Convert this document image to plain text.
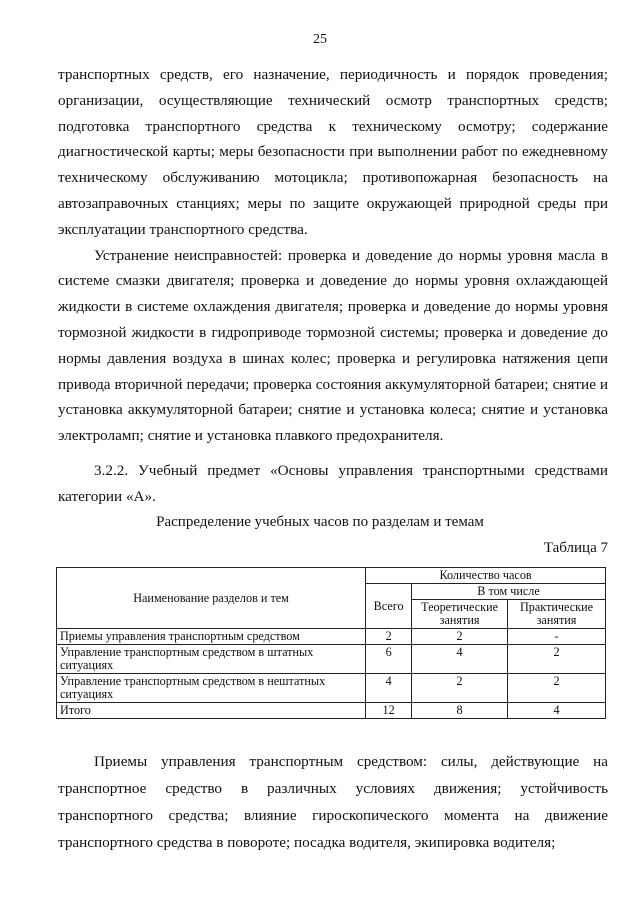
25

транспортных средств, его назначение, периодичность и порядок проведения; организации, осуществляющие технический осмотр транспортных средств; подготовка транспортного средства к техническому осмотру; содержание диагностической карты; меры безопасности при выполнении работ по ежедневному техническому обслуживанию мотоцикла; противопожарная безопасность на автозаправочных станциях; меры по защите окружающей природной среды при эксплуатации транспортного средства.

Устранение неисправностей: проверка и доведение до нормы уровня масла в системе смазки двигателя; проверка и доведение до нормы уровня охлаждающей жидкости в системе охлаждения двигателя; проверка и доведение до нормы уровня тормозной жидкости в гидроприводе тормозной системы; проверка и доведение до нормы давления воздуха в шинах колес; проверка и регулировка натяжения цепи привода вторичной передачи; проверка состояния аккумуляторной батареи; снятие и установка аккумуляторной батареи; снятие и установка колеса; снятие и установка электроламп; снятие и установка плавкого предохранителя.

3.2.2. Учебный предмет «Основы управления транспортными средствами категории «А».

Распределение учебных часов по разделам и темам
Таблица 7
Наименование разделов и тем	Количество часов		
	Всего	В том числе	
		Теоретические занятия	Практические занятия
Приемы управления транспортным средством	2	2	-
Управление транспортным средством в штатных ситуациях	6	4	2
Управление транспортным средством в нештатных ситуациях	4	2	2
Итого	12	8	4

Приемы управления транспортным средством: силы, действующие на транспортное средство в различных условиях движения; устойчивость транспортного средства; влияние гироскопического момента на движение транспортного средства в повороте; посадка водителя, экипировка водителя;
